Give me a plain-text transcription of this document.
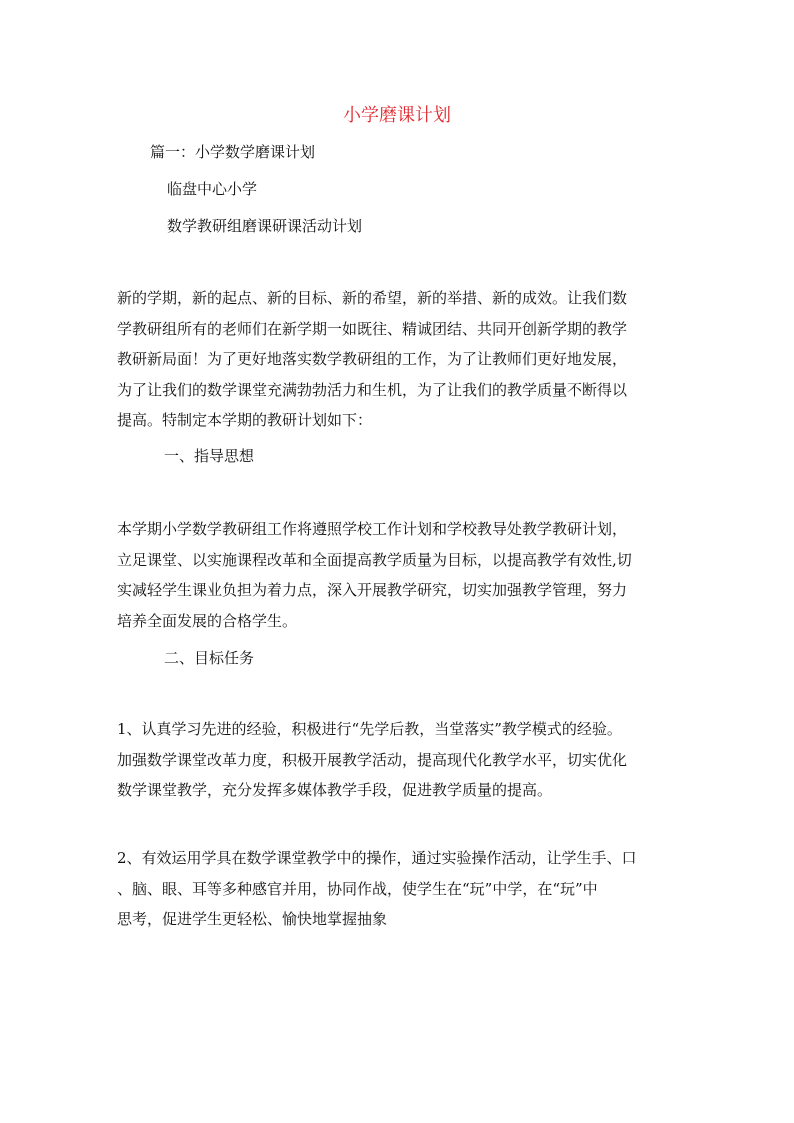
小学磨课计划

篇一：小学数学磨课计划

临盘中心小学

数学教研组磨课研课活动计划

新的学期，新的起点、新的目标、新的希望，新的举措、新的成效。让我们数
学教研组所有的老师们在新学期一如既往、精诚团结、共同开创新学期的教学
教研新局面！为了更好地落实数学教研组的工作，为了让教师们更好地发展，
为了让我们的数学课堂充满勃勃活力和生机，为了让我们的教学质量不断得以
提高。特制定本学期的教研计划如下：

一、指导思想

本学期小学数学教研组工作将遵照学校工作计划和学校教导处教学教研计划，
立足课堂、以实施课程改革和全面提高教学质量为目标，以提高教学有效性,切
实减轻学生课业负担为着力点，深入开展教学研究，切实加强教学管理，努力
培养全面发展的合格学生。

二、目标任务

1、认真学习先进的经验，积极进行“先学后教，当堂落实”教学模式的经验。
加强数学课堂改革力度，积极开展教学活动，提高现代化教学水平，切实优化
数学课堂教学，充分发挥多媒体教学手段，促进教学质量的提高。
2、有效运用学具在数学课堂教学中的操作，通过实验操作活动，让学生手、口
、脑、眼、耳等多种感官并用，协同作战，使学生在“玩”中学，在“玩”中
思考，促进学生更轻松、愉快地掌握抽象
